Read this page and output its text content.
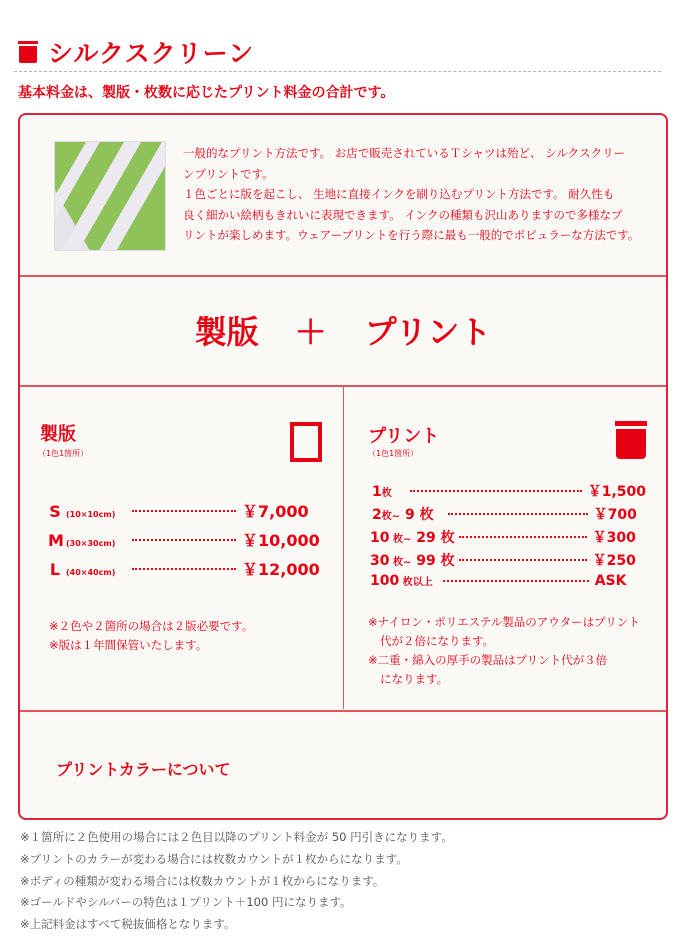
シルクスクリーン
基本料金は、製版・枚数に応じたプリント料金の合計です。
一般的なプリント方法です。 お店で販売されているＴシャツは殆ど、 シルクスクリー
ンプリントです。
１色ごとに版を起こし、 生地に直接インクを刷り込むプリント方法です。 耐久性も
良く細かい絵柄もきれいに表現できます。 インクの種類も沢山ありますので多様なプ
リントが楽しめます。ウェアープリントを行う際に最も一般的でポピュラーな方法です。
製版 ＋ プリント
製版
（1色1箇所）
S (10×10cm)	￥7,000
M (30×30cm)	￥10,000
L (40×40cm)	￥12,000
※２色や２箇所の場合は２版必要です。
※版は１年間保管いたします。
プリント
（1色1箇所）
1枚	￥1,500
2枚~ 9 枚	￥700
10 枚~ 29 枚	￥300
30 枚~ 99 枚	￥250
100 枚以上	ASK
※ナイロン・ポリエステル製品のアウターはプリント
代が２倍になります。
※二重・綿入の厚手の製品はプリント代が３倍
になります。
プリントカラーについて
※１箇所に２色使用の場合には２色目以降のプリント料金が 50 円引きになります。
※プリントのカラーが変わる場合には枚数カウントが１枚からになります。
※ボディの種類が変わる場合には枚数カウントが１枚からになります。
※ゴールドやシルバーの特色は１プリント＋100 円になります。
※上記料金はすべて税抜価格となります。
